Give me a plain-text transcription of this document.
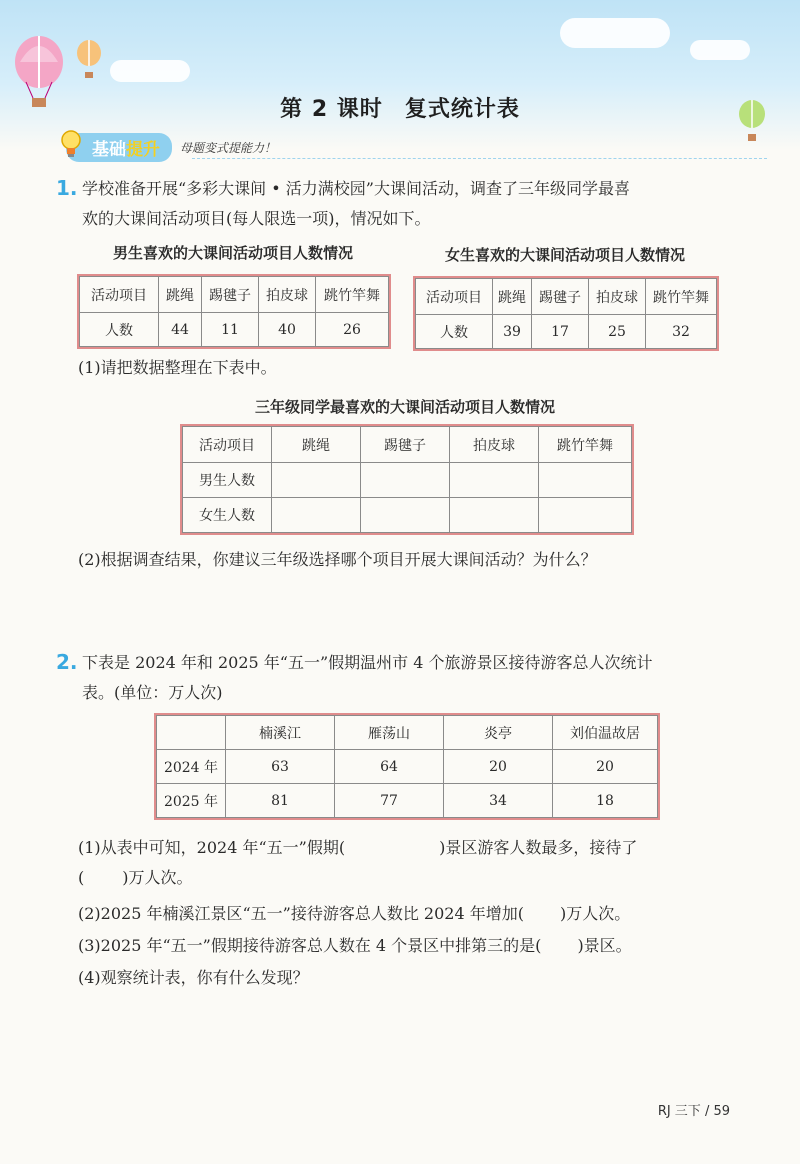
第 2 课时 复式统计表
基础提升	母题变式提能力！
1. 学校准备开展“多彩大课间 • 活力满校园”大课间活动，调查了三年级同学最喜
欢的大课间活动项目(每人限选一项)，情况如下。
男生喜欢的大课间活动项目人数情况
活动项目	跳绳	踢毽子	拍皮球	跳竹竿舞
人数	44	11	40	26
女生喜欢的大课间活动项目人数情况
活动项目	跳绳	踢毽子	拍皮球	跳竹竿舞
人数	39	17	25	32
(1)请把数据整理在下表中。
三年级同学最喜欢的大课间活动项目人数情况
活动项目	跳绳	踢毽子	拍皮球	跳竹竿舞
男生人数				
女生人数				
(2)根据调查结果，你建议三年级选择哪个项目开展大课间活动？为什么？
2. 下表是 2024 年和 2025 年“五一”假期温州市 4 个旅游景区接待游客总人次统计
表。(单位：万人次)
	楠溪江	雁荡山	炎亭	刘伯温故居
2024 年	63	64	20	20
2025 年	81	77	34	18
(1)从表中可知，2024 年“五一”假期(	)景区游客人数最多，接待了
( )万人次。
(2)2025 年楠溪江景区“五一”接待游客总人数比 2024 年增加( )万人次。
(3)2025 年“五一”假期接待游客总人数在 4 个景区中排第三的是( )景区。
(4)观察统计表，你有什么发现？
RJ 三下 / 59
